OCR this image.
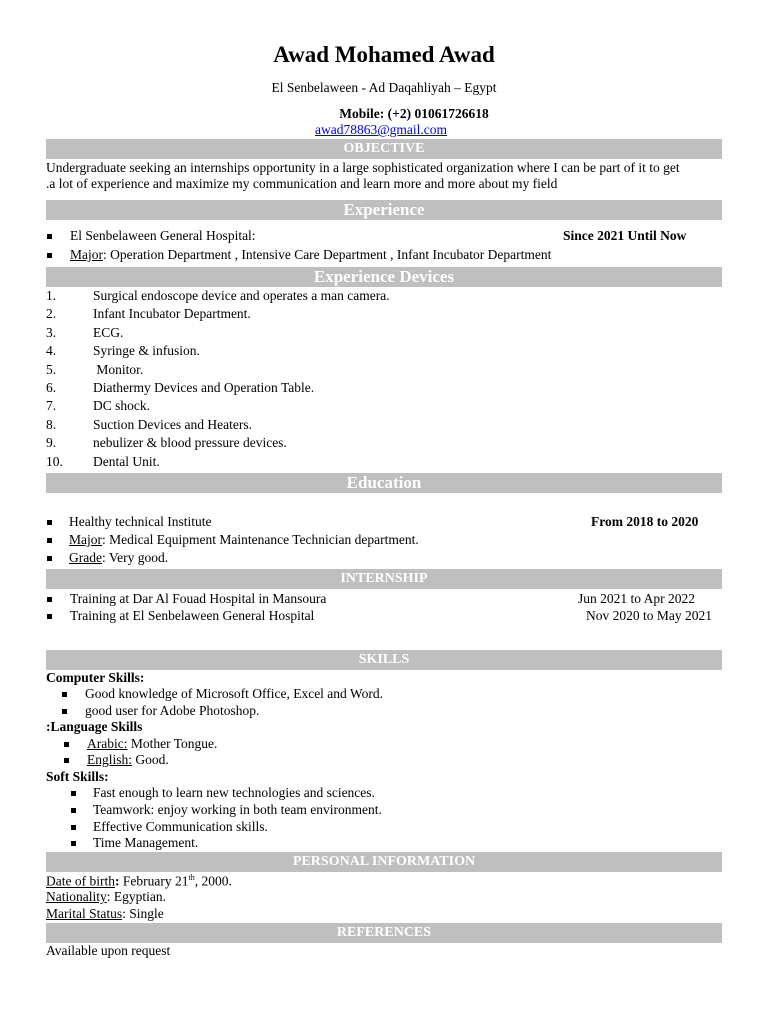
Awad Mohamed Awad
El Senbelaween - Ad Daqahliyah – Egypt
Mobile: (+2) 01061726618
awad78863@gmail.com
OBJECTIVE
Undergraduate seeking an internships opportunity in a large sophisticated organization where I can be part of it to get
.a lot of experience and maximize my communication and learn more and more about my field
Experience
El Senbelaween General Hospital:	Since 2021 Until Now
Major: Operation Department , Intensive Care Department , Infant Incubator Department
Experience Devices
1.	Surgical endoscope device and operates a man camera.
2.	Infant Incubator Department.
3.	ECG.
4.	Syringe & infusion.
5.	Monitor.
6.	Diathermy Devices and Operation Table.
7.	DC shock.
8.	Suction Devices and Heaters.
9.	nebulizer & blood pressure devices.
10. Dental Unit.
Education
Healthy technical Institute	From 2018 to 2020
Major: Medical Equipment Maintenance Technician department.
Grade: Very good.
INTERNSHIP
Training at Dar Al Fouad Hospital in Mansoura	Jun 2021 to Apr 2022
Training at El Senbelaween General Hospital	Nov 2020 to May 2021
SKILLS
Computer Skills:
Good knowledge of Microsoft Office, Excel and Word.
good user for Adobe Photoshop.
:Language Skills
Arabic: Mother Tongue.
English: Good.
Soft Skills:
Fast enough to learn new technologies and sciences.
Teamwork: enjoy working in both team environment.
Effective Communication skills.
Time Management.
PERSONAL INFORMATION
Date of birth: February 21th, 2000.
Nationality: Egyptian.
Marital Status: Single
REFERENCES
Available upon request
